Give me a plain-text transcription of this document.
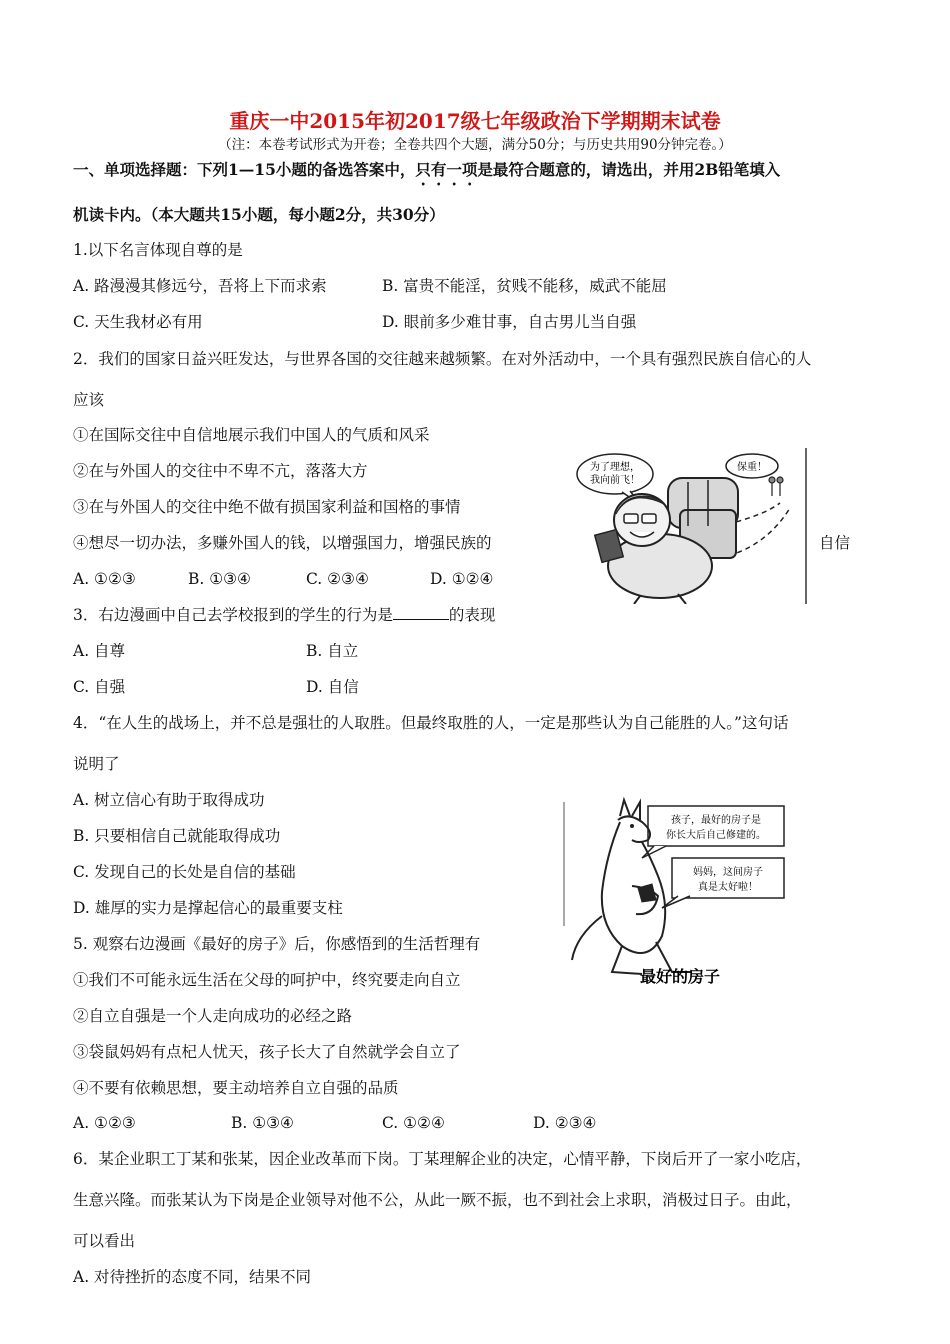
重庆一中2015年初2017级七年级政治下学期期末试卷
（注：本卷考试形式为开卷；全卷共四个大题，满分50分；与历史共用90分钟完卷。）
一、单项选择题：下列1—15小题的备选答案中，只有一项是最符合题意的，请选出，并用2B铅笔填入
机读卡内。（本大题共15小题，每小题2分，共30分）
1.以下名言体现自尊的是
A. 路漫漫其修远兮，吾将上下而求索	B. 富贵不能淫，贫贱不能移，威武不能屈
C. 天生我材必有用	D. 眼前多少难甘事，自古男儿当自强
2．我们的国家日益兴旺发达，与世界各国的交往越来越频繁。在对外活动中，一个具有强烈民族自信心的人
应该
①在国际交往中自信地展示我们中国人的气质和风采
②在与外国人的交往中不卑不亢，落落大方
③在与外国人的交往中绝不做有损国家利益和国格的事情
④想尽一切办法，多赚外国人的钱，以增强国力，增强民族的	自信
A. ①②③	B. ①③④	C. ②③④	D. ①②④
3．右边漫画中自己去学校报到的学生的行为是	的表现
A. 自尊	B. 自立
C. 自强	D. 自信
4．“在人生的战场上，并不总是强壮的人取胜。但最终取胜的人，一定是那些认为自己能胜的人。”这句话
说明了
A. 树立信心有助于取得成功
B. 只要相信自己就能取得成功
C. 发现自己的长处是自信的基础
D. 雄厚的实力是撑起信心的最重要支柱
5. 观察右边漫画《最好的房子》后，你感悟到的生活哲理有
①我们不可能永远生活在父母的呵护中，终究要走向自立
②自立自强是一个人走向成功的必经之路
③袋鼠妈妈有点杞人忧天，孩子长大了自然就学会自立了
④不要有依赖思想，要主动培养自立自强的品质
A. ①②③	B. ①③④	C. ①②④	D. ②③④
6．某企业职工丁某和张某，因企业改革而下岗。丁某理解企业的决定，心情平静，下岗后开了一家小吃店，
生意兴隆。而张某认为下岗是企业领导对他不公，从此一厥不振，也不到社会上求职，消极过日子。由此，
可以看出
A. 对待挫折的态度不同，结果不同
为了理想，
我向前飞！
保重！
孩子，最好的房子是
你长大后自己修建的。
妈妈，这间房子
真是太好啦！
最好的房子
